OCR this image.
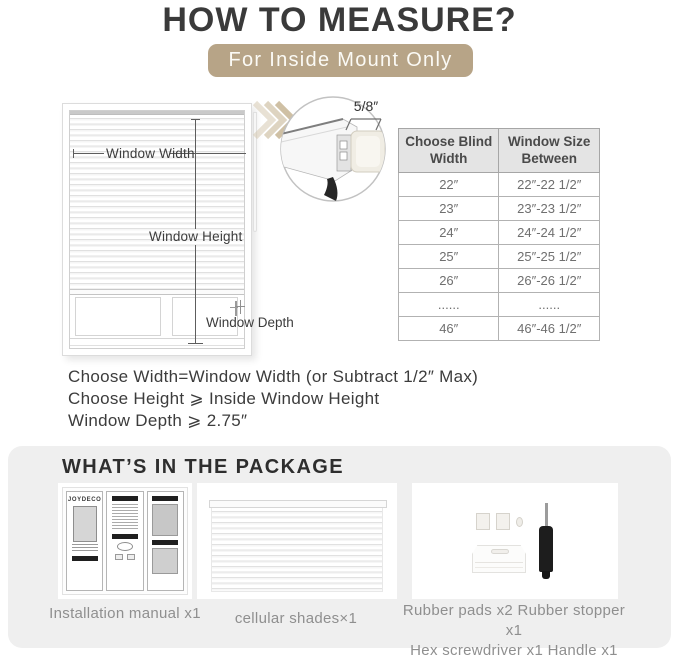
HOW TO MEASURE?
For Inside Mount Only
Window Width
Window Height
Window Depth
5/8″
Choose Blind Width	Window Size Between
22″	22″-22 1/2″
23″	23″-23 1/2″
24″	24″-24 1/2″
25″	25″-25 1/2″
26″	26″-26 1/2″
......	......
46″	46″-46 1/2″
Choose Width=Window Width (or Subtract 1/2″ Max)
Choose Height ⩾ Inside Window Height
Window Depth ⩾ 2.75″
WHAT’S IN THE PACKAGE
JOYDECO
Installation manual x1	cellular shades×1	Rubber pads x2 Rubber stopper x1
Hex screwdriver x1 Handle x1
